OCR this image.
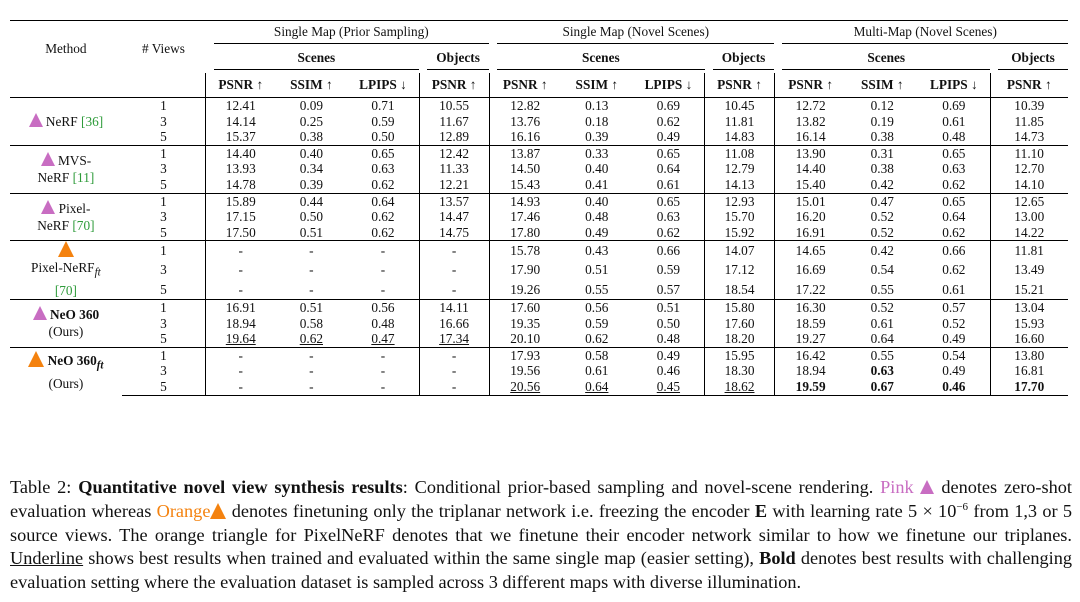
Method	# Views	Single Map (Prior Sampling)				Single Map (Novel Scenes)				Multi-Map (Novel Scenes)			

		Scenes			Objects	Scenes			Objects	Scenes			Objects

		PSNR ↑	SSIM ↑	LPIPS ↓	PSNR ↑	PSNR ↑	SSIM ↑	LPIPS ↓	PSNR ↑	PSNR ↑	SSIM ↑	LPIPS ↓	PSNR ↑
NeRF [36]	1	12.41	0.09	0.71	10.55	12.82	0.13	0.69	10.45	12.72	0.12	0.69	10.39
	3	14.14	0.25	0.59	11.67	13.76	0.18	0.62	11.81	13.82	0.19	0.61	11.85
	5	15.37	0.38	0.50	12.89	16.16	0.39	0.49	14.83	16.14	0.38	0.48	14.73
MVS-
NeRF [11]	1	14.40	0.40	0.65	12.42	13.87	0.33	0.65	11.08	13.90	0.31	0.65	11.10
	3	13.93	0.34	0.63	11.33	14.50	0.40	0.64	12.79	14.40	0.38	0.63	12.70
	5	14.78	0.39	0.62	12.21	15.43	0.41	0.61	14.13	15.40	0.42	0.62	14.10
Pixel-
NeRF [70]	1	15.89	0.44	0.64	13.57	14.93	0.40	0.65	12.93	15.01	0.47	0.65	12.65
	3	17.15	0.50	0.62	14.47	17.46	0.48	0.63	15.70	16.20	0.52	0.64	13.00
	5	17.50	0.51	0.62	14.75	17.80	0.49	0.62	15.92	16.91	0.52	0.62	14.22

Pixel-NeRF$_{ft}$
[70]	1	-	-	-	-	15.78	0.43	0.66	14.07	14.65	0.42	0.66	11.81
	3	-	-	-	-	17.90	0.51	0.59	17.12	16.69	0.54	0.62	13.49
	5	-	-	-	-	19.26	0.55	0.57	18.54	17.22	0.55	0.61	15.21
NeO 360
(Ours)	1	16.91	0.51	0.56	14.11	17.60	0.56	0.51	15.80	16.30	0.52	0.57	13.04
	3	18.94	0.58	0.48	16.66	19.35	0.59	0.50	17.60	18.59	0.61	0.52	15.93
	5	19.64	0.62	0.47	17.34	20.10	0.62	0.48	18.20	19.27	0.64	0.49	16.60
NeO $360_{ft}$
(Ours)	1	-	-	-	-	17.93	0.58	0.49	15.95	16.42	0.55	0.54	13.80
	3	-	-	-	-	19.56	0.61	0.46	18.30	18.94	0.63	0.49	16.81
	5	-	-	-	-	20.56	0.64	0.45	18.62	19.59	0.67	0.46	17.70
Table 2: Quantitative novel view synthesis results: Conditional prior-based sampling and novel-scene rendering. Pink denotes zero-shot evaluation whereas Orange denotes finetuning only the triplanar network i.e. freezing the encoder E with learning rate $5 \times 10^{-6}$ from 1,3 or 5 source views. The orange triangle for PixelNeRF denotes that we finetune their encoder network similar to how we finetune our triplanes. Underline shows best results when trained and evaluated within the same single map (easier setting), Bold denotes best results with challenging evaluation setting where the evaluation dataset is sampled across 3 different maps with diverse illumination.
